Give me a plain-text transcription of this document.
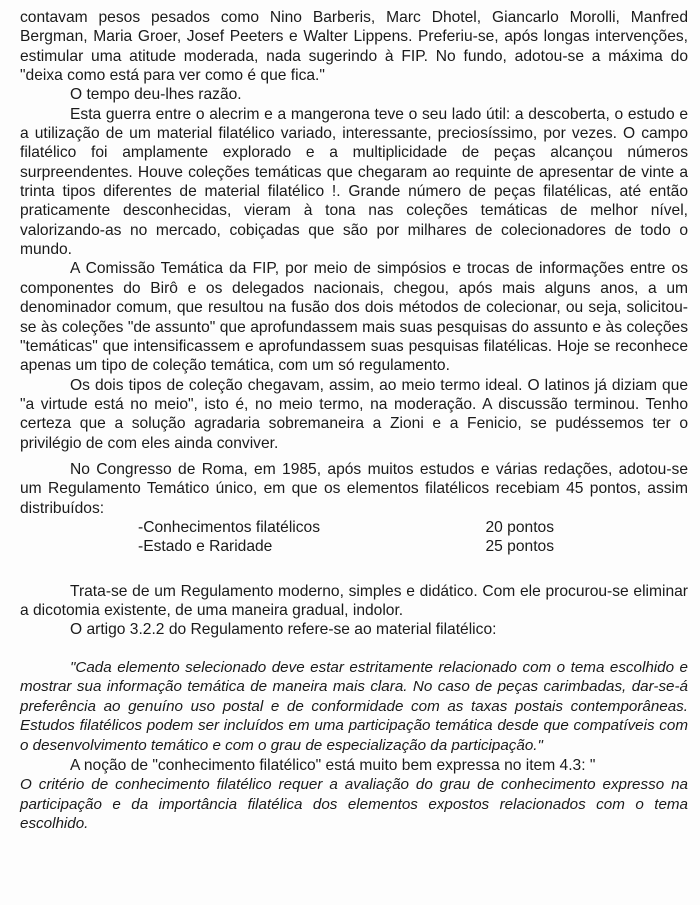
contavam pesos pesados como Nino Barberis, Marc Dhotel, Giancarlo Morolli, Manfred Bergman, Maria Groer, Josef Peeters e Walter Lippens. Preferiu-se, após longas intervenções, estimular uma atitude moderada, nada sugerindo à FIP. No fundo, adotou-se a máxima do "deixa como está para ver como é que fica."

O tempo deu-lhes razão.

Esta guerra entre o alecrim e a mangerona teve o seu lado útil: a descoberta, o estudo e a utilização de um material filatélico variado, interessante, preciosíssimo, por vezes. O campo filatélico foi amplamente explorado e a multiplicidade de peças alcançou números surpreendentes. Houve coleções temáticas que chegaram ao requinte de apresentar de vinte a trinta tipos diferentes de material filatélico !. Grande número de peças filatélicas, até então praticamente desconhecidas, vieram à tona nas coleções temáticas de melhor nível, valorizando-as no mercado, cobiçadas que são por milhares de colecionadores de todo o mundo.

A Comissão Temática da FIP, por meio de simpósios e trocas de informações entre os componentes do Birô e os delegados nacionais, chegou, após mais alguns anos, a um denominador comum, que resultou na fusão dos dois métodos de colecionar, ou seja, solicitou-se às coleções "de assunto" que aprofundassem mais suas pesquisas do assunto e às coleções "temáticas" que intensificassem e aprofundassem suas pesquisas filatélicas. Hoje se reconhece apenas um tipo de coleção temática, com um só regulamento.

Os dois tipos de coleção chegavam, assim, ao meio termo ideal. O latinos já diziam que "a virtude está no meio", isto é, no meio termo, na moderação. A discussão terminou. Tenho certeza que a solução agradaria sobremaneira a Zioni e a Fenicio, se pudéssemos ter o privilégio de com eles ainda conviver.

No Congresso de Roma, em 1985, após muitos estudos e várias redações, adotou-se um Regulamento Temático único, em que os elementos filatélicos recebiam 45 pontos, assim distribuídos:

-Conhecimentos filatélicos	20 pontos
-Estado e Raridade	25 pontos

Trata-se de um Regulamento moderno, simples e didático. Com ele procurou-se eliminar a dicotomia existente, de uma maneira gradual, indolor.

O artigo 3.2.2 do Regulamento refere-se ao material filatélico:

"Cada elemento selecionado deve estar estritamente relacionado com o tema escolhido e mostrar sua informação temática de maneira mais clara. No caso de peças carimbadas, dar-se-á preferência ao genuíno uso postal e de conformidade com as taxas postais contemporâneas. Estudos filatélicos podem ser incluídos em uma participação temática desde que compatíveis com o desenvolvimento temático e com o grau de especialização da participação."

A noção de "conhecimento filatélico" está muito bem expressa no item 4.3: "

O critério de conhecimento filatélico requer a avaliação do grau de conhecimento expresso na participação e da importância filatélica dos elementos expostos relacionados com o tema escolhido.
